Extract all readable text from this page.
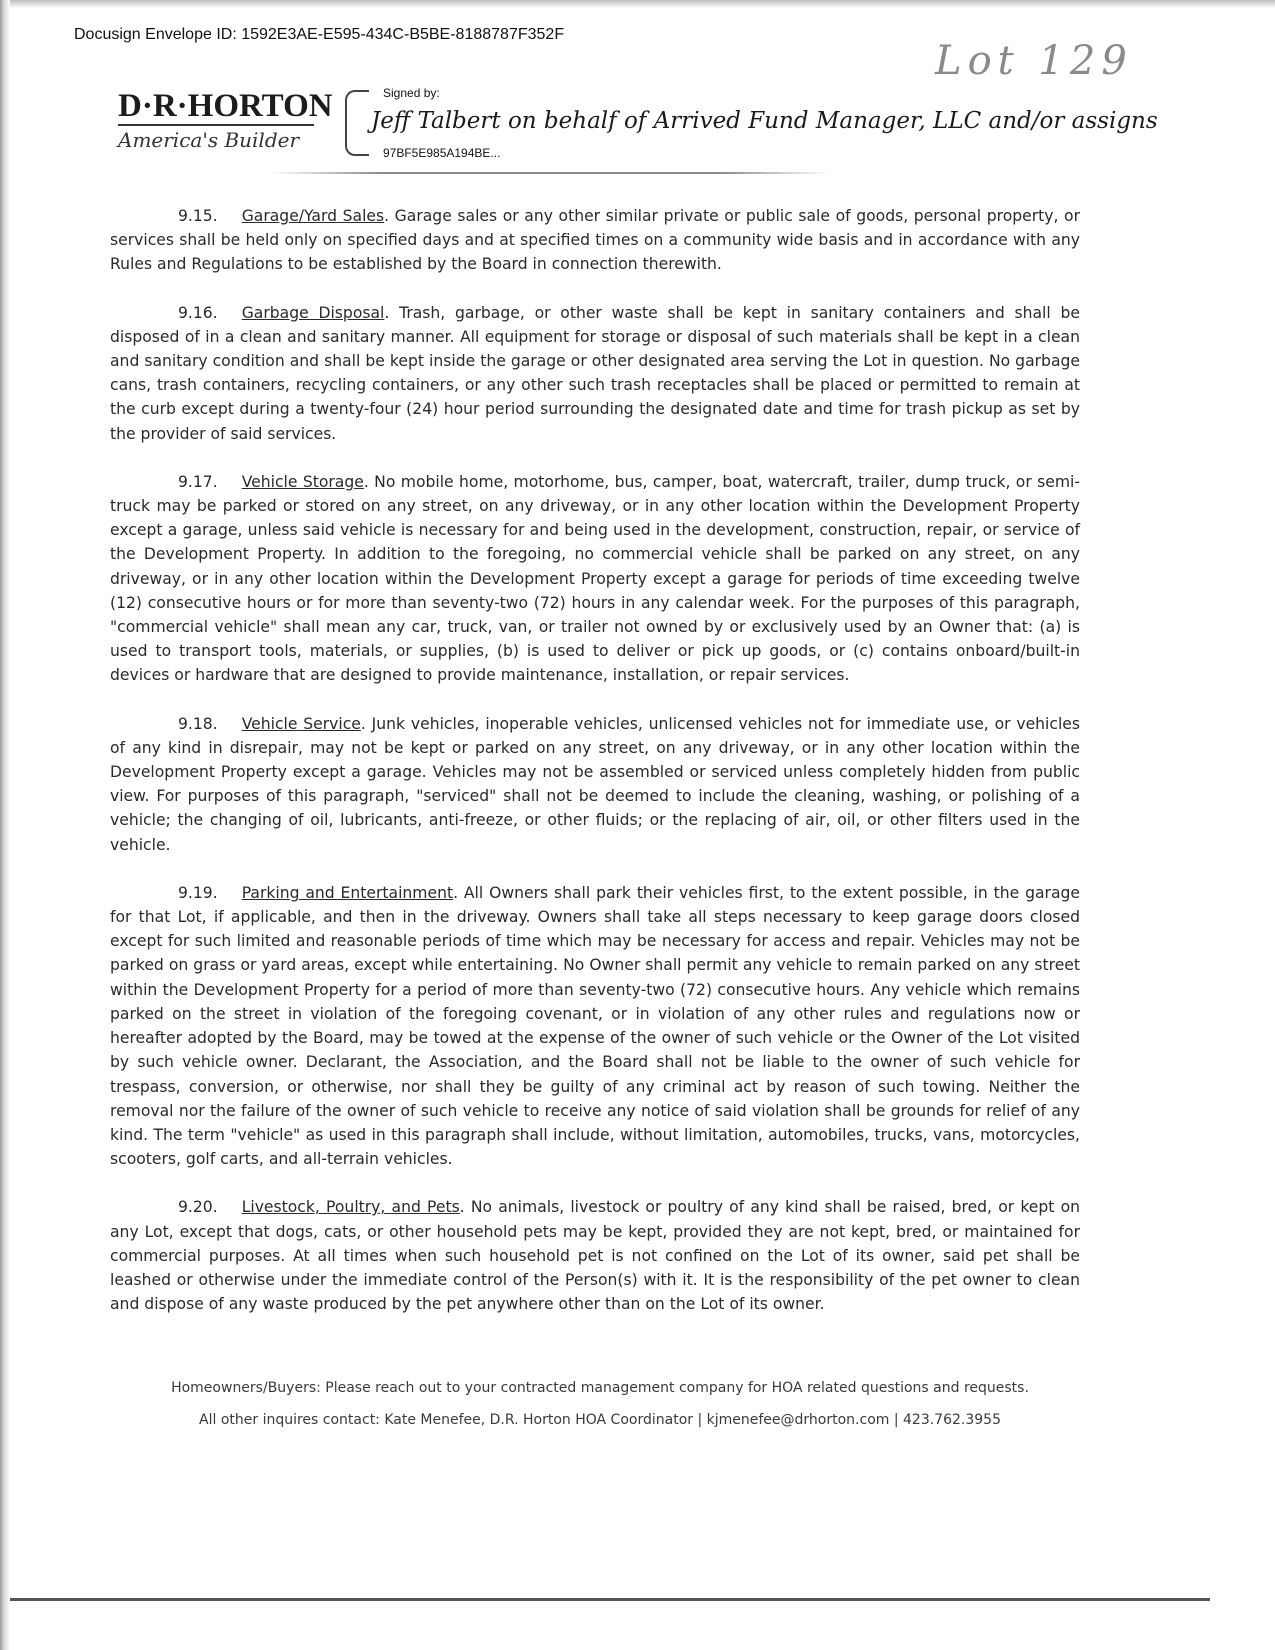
Docusign Envelope ID: 1592E3AE-E595-434C-B5BE-8188787F352F
Lot 129
D·R·HORTON
America's Builder
Signed by:
Jeff Talbert on behalf of Arrived Fund Manager, LLC and/or assigns
97BF5E985A194BE...

9.15. Garage/Yard Sales. Garage sales or any other similar private or public sale of goods, personal property, or services shall be held only on specified days and at specified times on a community wide basis and in accordance with any Rules and Regulations to be established by the Board in connection therewith.

9.16. Garbage Disposal. Trash, garbage, or other waste shall be kept in sanitary containers and shall be disposed of in a clean and sanitary manner. All equipment for storage or disposal of such materials shall be kept in a clean and sanitary condition and shall be kept inside the garage or other designated area serving the Lot in question. No garbage cans, trash containers, recycling containers, or any other such trash receptacles shall be placed or permitted to remain at the curb except during a twenty-four (24) hour period surrounding the designated date and time for trash pickup as set by the provider of said services.

9.17. Vehicle Storage. No mobile home, motorhome, bus, camper, boat, watercraft, trailer, dump truck, or semi-truck may be parked or stored on any street, on any driveway, or in any other location within the Development Property except a garage, unless said vehicle is necessary for and being used in the development, construction, repair, or service of the Development Property. In addition to the foregoing, no commercial vehicle shall be parked on any street, on any driveway, or in any other location within the Development Property except a garage for periods of time exceeding twelve (12) consecutive hours or for more than seventy-two (72) hours in any calendar week. For the purposes of this paragraph, "commercial vehicle" shall mean any car, truck, van, or trailer not owned by or exclusively used by an Owner that: (a) is used to transport tools, materials, or supplies, (b) is used to deliver or pick up goods, or (c) contains onboard/built-in devices or hardware that are designed to provide maintenance, installation, or repair services.

9.18. Vehicle Service. Junk vehicles, inoperable vehicles, unlicensed vehicles not for immediate use, or vehicles of any kind in disrepair, may not be kept or parked on any street, on any driveway, or in any other location within the Development Property except a garage. Vehicles may not be assembled or serviced unless completely hidden from public view. For purposes of this paragraph, "serviced" shall not be deemed to include the cleaning, washing, or polishing of a vehicle; the changing of oil, lubricants, anti-freeze, or other fluids; or the replacing of air, oil, or other filters used in the vehicle.

9.19. Parking and Entertainment. All Owners shall park their vehicles first, to the extent possible, in the garage for that Lot, if applicable, and then in the driveway. Owners shall take all steps necessary to keep garage doors closed except for such limited and reasonable periods of time which may be necessary for access and repair. Vehicles may not be parked on grass or yard areas, except while entertaining. No Owner shall permit any vehicle to remain parked on any street within the Development Property for a period of more than seventy-two (72) consecutive hours. Any vehicle which remains parked on the street in violation of the foregoing covenant, or in violation of any other rules and regulations now or hereafter adopted by the Board, may be towed at the expense of the owner of such vehicle or the Owner of the Lot visited by such vehicle owner. Declarant, the Association, and the Board shall not be liable to the owner of such vehicle for trespass, conversion, or otherwise, nor shall they be guilty of any criminal act by reason of such towing. Neither the removal nor the failure of the owner of such vehicle to receive any notice of said violation shall be grounds for relief of any kind. The term "vehicle" as used in this paragraph shall include, without limitation, automobiles, trucks, vans, motorcycles, scooters, golf carts, and all-terrain vehicles.

9.20. Livestock, Poultry, and Pets. No animals, livestock or poultry of any kind shall be raised, bred, or kept on any Lot, except that dogs, cats, or other household pets may be kept, provided they are not kept, bred, or maintained for commercial purposes. At all times when such household pet is not confined on the Lot of its owner, said pet shall be leashed or otherwise under the immediate control of the Person(s) with it. It is the responsibility of the pet owner to clean and dispose of any waste produced by the pet anywhere other than on the Lot of its owner.

Homeowners/Buyers: Please reach out to your contracted management company for HOA related questions and requests.
All other inquires contact: Kate Menefee, D.R. Horton HOA Coordinator | kjmenefee@drhorton.com | 423.762.3955
